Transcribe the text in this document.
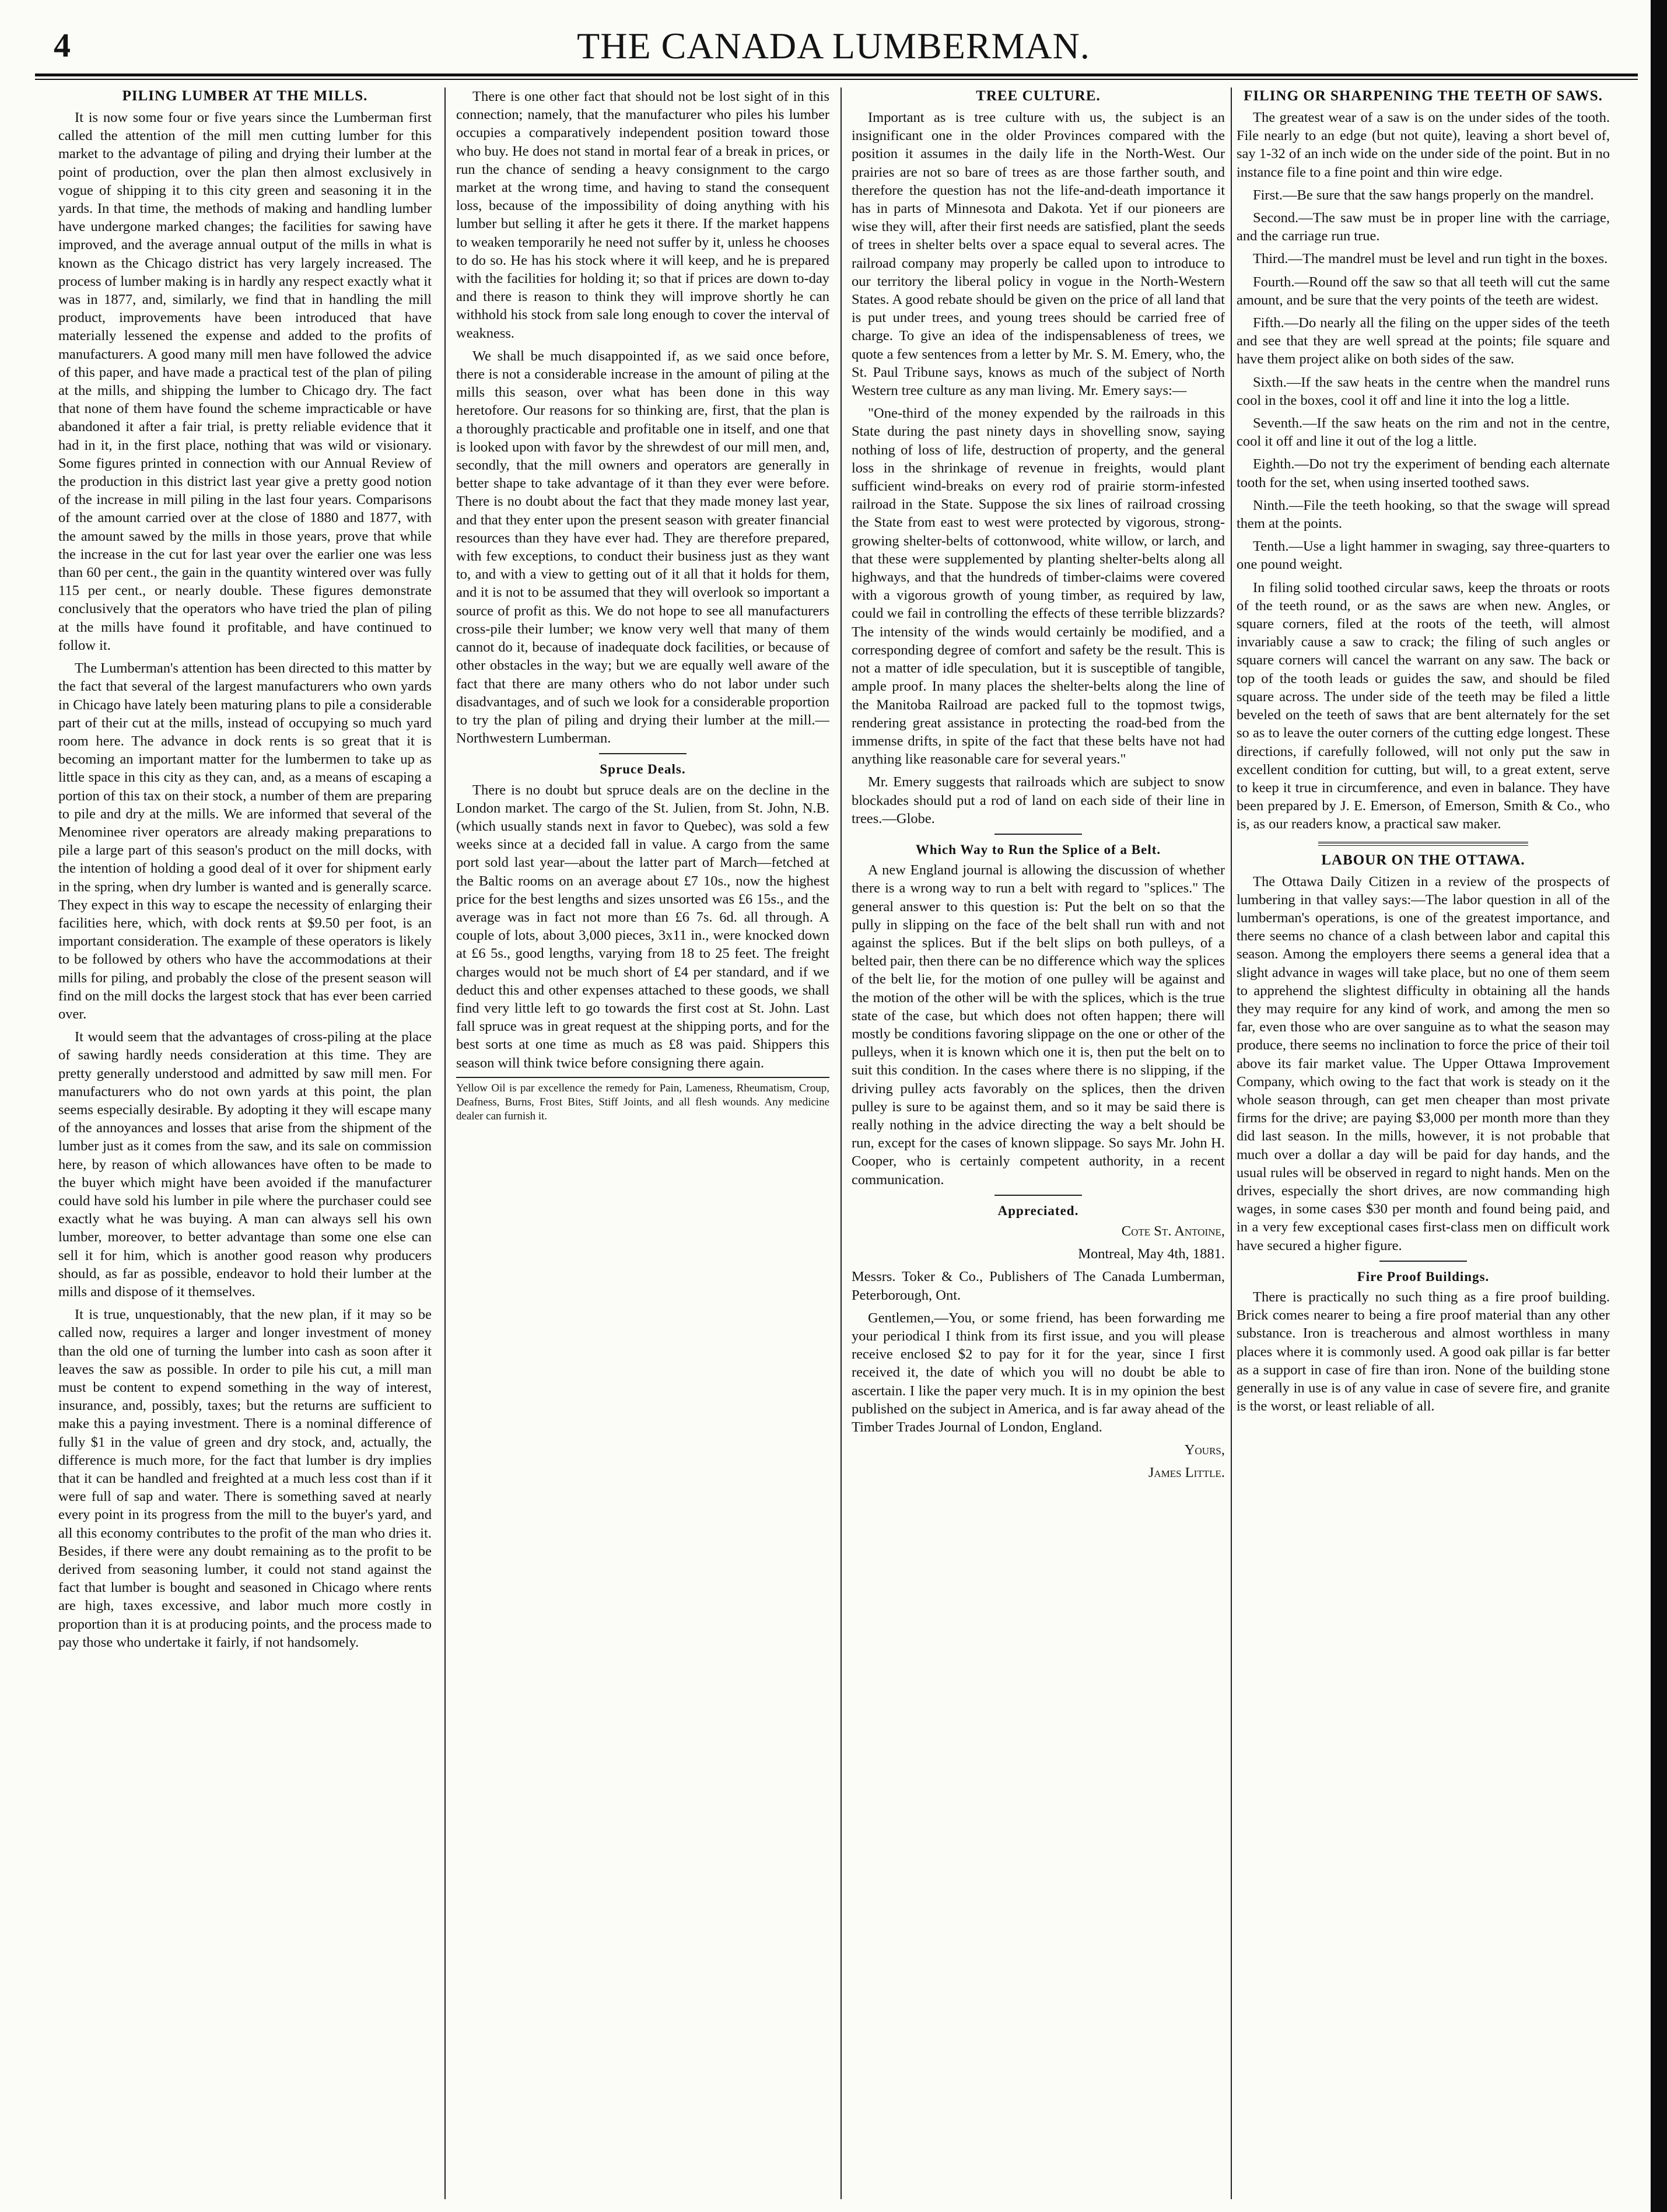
4	THE CANADA LUMBERMAN.
PILING LUMBER AT THE MILLS.

It is now some four or five years since the Lumberman first called the attention of the mill men cutting lumber for this market to the advantage of piling and drying their lumber at the point of production, over the plan then almost exclusively in vogue of shipping it to this city green and seasoning it in the yards. In that time, the methods of making and handling lumber have undergone marked changes; the facilities for sawing have improved, and the average annual output of the mills in what is known as the Chicago district has very largely increased. The process of lumber making is in hardly any respect exactly what it was in 1877, and, similarly, we find that in handling the mill product, improvements have been introduced that have materially lessened the expense and added to the profits of manufacturers. A good many mill men have followed the advice of this paper, and have made a practical test of the plan of piling at the mills, and shipping the lumber to Chicago dry. The fact that none of them have found the scheme impracticable or have abandoned it after a fair trial, is pretty reliable evidence that it had in it, in the first place, nothing that was wild or visionary. Some figures printed in connection with our Annual Review of the production in this district last year give a pretty good notion of the increase in mill piling in the last four years. Comparisons of the amount carried over at the close of 1880 and 1877, with the amount sawed by the mills in those years, prove that while the increase in the cut for last year over the earlier one was less than 60 per cent., the gain in the quantity wintered over was fully 115 per cent., or nearly double. These figures demonstrate conclusively that the operators who have tried the plan of piling at the mills have found it profitable, and have continued to follow it.

The Lumberman's attention has been directed to this matter by the fact that several of the largest manufacturers who own yards in Chicago have lately been maturing plans to pile a considerable part of their cut at the mills, instead of occupying so much yard room here. The advance in dock rents is so great that it is becoming an important matter for the lumbermen to take up as little space in this city as they can, and, as a means of escaping a portion of this tax on their stock, a number of them are preparing to pile and dry at the mills. We are informed that several of the Menominee river operators are already making preparations to pile a large part of this season's product on the mill docks, with the intention of holding a good deal of it over for shipment early in the spring, when dry lumber is wanted and is generally scarce. They expect in this way to escape the necessity of enlarging their facilities here, which, with dock rents at $9.50 per foot, is an important consideration. The example of these operators is likely to be followed by others who have the accommodations at their mills for piling, and probably the close of the present season will find on the mill docks the largest stock that has ever been carried over.

It would seem that the advantages of cross-piling at the place of sawing hardly needs consideration at this time. They are pretty generally understood and admitted by saw mill men. For manufacturers who do not own yards at this point, the plan seems especially desirable. By adopting it they will escape many of the annoyances and losses that arise from the shipment of the lumber just as it comes from the saw, and its sale on commission here, by reason of which allowances have often to be made to the buyer which might have been avoided if the manufacturer could have sold his lumber in pile where the purchaser could see exactly what he was buying. A man can always sell his own lumber, moreover, to better advantage than some one else can sell it for him, which is another good reason why producers should, as far as possible, endeavor to hold their lumber at the mills and dispose of it themselves.

It is true, unquestionably, that the new plan, if it may so be called now, requires a larger and longer investment of money than the old one of turning the lumber into cash as soon after it leaves the saw as possible. In order to pile his cut, a mill man must be content to expend something in the way of interest, insurance, and, possibly, taxes; but the returns are sufficient to make this a paying investment. There is a nominal difference of fully $1 in the value of green and dry stock, and, actually, the difference is much more, for the fact that lumber is dry implies that it can be handled and freighted at a much less cost than if it were full of sap and water. There is something saved at nearly every point in its progress from the mill to the buyer's yard, and all this economy contributes to the profit of the man who dries it. Besides, if there were any doubt remaining as to the profit to be derived from seasoning lumber, it could not stand against the fact that lumber is bought and seasoned in Chicago where rents are high, taxes excessive, and labor much more costly in proportion than it is at producing points, and the process made to pay those who undertake it fairly, if not handsomely.

There is one other fact that should not be lost sight of in this connection; namely, that the manufacturer who piles his lumber occupies a comparatively independent position toward those who buy. He does not stand in mortal fear of a break in prices, or run the chance of sending a heavy consignment to the cargo market at the wrong time, and having to stand the consequent loss, because of the impossibility of doing anything with his lumber but selling it after he gets it there. If the market happens to weaken temporarily he need not suffer by it, unless he chooses to do so. He has his stock where it will keep, and he is prepared with the facilities for holding it; so that if prices are down to-day and there is reason to think they will improve shortly he can withhold his stock from sale long enough to cover the interval of weakness.

We shall be much disappointed if, as we said once before, there is not a considerable increase in the amount of piling at the mills this season, over what has been done in this way heretofore. Our reasons for so thinking are, first, that the plan is a thoroughly practicable and profitable one in itself, and one that is looked upon with favor by the shrewdest of our mill men, and, secondly, that the mill owners and operators are generally in better shape to take advantage of it than they ever were before. There is no doubt about the fact that they made money last year, and that they enter upon the present season with greater financial resources than they have ever had. They are therefore prepared, with few exceptions, to conduct their business just as they want to, and with a view to getting out of it all that it holds for them, and it is not to be assumed that they will overlook so important a source of profit as this. We do not hope to see all manufacturers cross-pile their lumber; we know very well that many of them cannot do it, because of inadequate dock facilities, or because of other obstacles in the way; but we are equally well aware of the fact that there are many others who do not labor under such disadvantages, and of such we look for a considerable proportion to try the plan of piling and drying their lumber at the mill.—Northwestern Lumberman.

Spruce Deals.

There is no doubt but spruce deals are on the decline in the London market. The cargo of the St. Julien, from St. John, N.B. (which usually stands next in favor to Quebec), was sold a few weeks since at a decided fall in value. A cargo from the same port sold last year—about the latter part of March—fetched at the Baltic rooms on an average about £7 10s., now the highest price for the best lengths and sizes unsorted was £6 15s., and the average was in fact not more than £6 7s. 6d. all through. A couple of lots, about 3,000 pieces, 3x11 in., were knocked down at £6 5s., good lengths, varying from 18 to 25 feet. The freight charges would not be much short of £4 per standard, and if we deduct this and other expenses attached to these goods, we shall find very little left to go towards the first cost at St. John. Last fall spruce was in great request at the shipping ports, and for the best sorts at one time as much as £8 was paid. Shippers this season will think twice before consigning there again.

Yellow Oil is par excellence the remedy for Pain, Lameness, Rheumatism, Croup, Deafness, Burns, Frost Bites, Stiff Joints, and all flesh wounds. Any medicine dealer can furnish it.
TREE CULTURE.

Important as is tree culture with us, the subject is an insignificant one in the older Provinces compared with the position it assumes in the daily life in the North-West. Our prairies are not so bare of trees as are those farther south, and therefore the question has not the life-and-death importance it has in parts of Minnesota and Dakota. Yet if our pioneers are wise they will, after their first needs are satisfied, plant the seeds of trees in shelter belts over a space equal to several acres. The railroad company may properly be called upon to introduce to our territory the liberal policy in vogue in the North-Western States. A good rebate should be given on the price of all land that is put under trees, and young trees should be carried free of charge. To give an idea of the indispensableness of trees, we quote a few sentences from a letter by Mr. S. M. Emery, who, the St. Paul Tribune says, knows as much of the subject of North Western tree culture as any man living. Mr. Emery says:—

"One-third of the money expended by the railroads in this State during the past ninety days in shovelling snow, saying nothing of loss of life, destruction of property, and the general loss in the shrinkage of revenue in freights, would plant sufficient wind-breaks on every rod of prairie storm-infested railroad in the State. Suppose the six lines of railroad crossing the State from east to west were protected by vigorous, strong-growing shelter-belts of cottonwood, white willow, or larch, and that these were supplemented by planting shelter-belts along all highways, and that the hundreds of timber-claims were covered with a vigorous growth of young timber, as required by law, could we fail in controlling the effects of these terrible blizzards? The intensity of the winds would certainly be modified, and a corresponding degree of comfort and safety be the result. This is not a matter of idle speculation, but it is susceptible of tangible, ample proof. In many places the shelter-belts along the line of the Manitoba Railroad are packed full to the topmost twigs, rendering great assistance in protecting the road-bed from the immense drifts, in spite of the fact that these belts have not had anything like reasonable care for several years."

Mr. Emery suggests that railroads which are subject to snow blockades should put a rod of land on each side of their line in trees.—Globe.

Which Way to Run the Splice of a Belt.

A new England journal is allowing the discussion of whether there is a wrong way to run a belt with regard to "splices." The general answer to this question is: Put the belt on so that the pully in slipping on the face of the belt shall run with and not against the splices. But if the belt slips on both pulleys, of a belted pair, then there can be no difference which way the splices of the belt lie, for the motion of one pulley will be against and the motion of the other will be with the splices, which is the true state of the case, but which does not often happen; there will mostly be conditions favoring slippage on the one or other of the pulleys, when it is known which one it is, then put the belt on to suit this condition. In the cases where there is no slipping, if the driving pulley acts favorably on the splices, then the driven pulley is sure to be against them, and so it may be said there is really nothing in the advice directing the way a belt should be run, except for the cases of known slippage. So says Mr. John H. Cooper, who is certainly competent authority, in a recent communication.

Appreciated.

Cote St. Antoine,

Montreal, May 4th, 1881.

Messrs. Toker & Co., Publishers of The Canada Lumberman, Peterborough, Ont.

Gentlemen,—You, or some friend, has been forwarding me your periodical I think from its first issue, and you will please receive enclosed $2 to pay for it for the year, since I first received it, the date of which you will no doubt be able to ascertain. I like the paper very much. It is in my opinion the best published on the subject in America, and is far away ahead of the Timber Trades Journal of London, England.

Yours,

James Little.

FILING OR SHARPENING THE TEETH OF SAWS.

The greatest wear of a saw is on the under sides of the tooth. File nearly to an edge (but not quite), leaving a short bevel of, say 1-32 of an inch wide on the under side of the point. But in no instance file to a fine point and thin wire edge.

First.—Be sure that the saw hangs properly on the mandrel.

Second.—The saw must be in proper line with the carriage, and the carriage run true.

Third.—The mandrel must be level and run tight in the boxes.

Fourth.—Round off the saw so that all teeth will cut the same amount, and be sure that the very points of the teeth are widest.

Fifth.—Do nearly all the filing on the upper sides of the teeth and see that they are well spread at the points; file square and have them project alike on both sides of the saw.

Sixth.—If the saw heats in the centre when the mandrel runs cool in the boxes, cool it off and line it into the log a little.

Seventh.—If the saw heats on the rim and not in the centre, cool it off and line it out of the log a little.

Eighth.—Do not try the experiment of bending each alternate tooth for the set, when using inserted toothed saws.

Ninth.—File the teeth hooking, so that the swage will spread them at the points.

Tenth.—Use a light hammer in swaging, say three-quarters to one pound weight.

In filing solid toothed circular saws, keep the throats or roots of the teeth round, or as the saws are when new. Angles, or square corners, filed at the roots of the teeth, will almost invariably cause a saw to crack; the filing of such angles or square corners will cancel the warrant on any saw. The back or top of the tooth leads or guides the saw, and should be filed square across. The under side of the teeth may be filed a little beveled on the teeth of saws that are bent alternately for the set so as to leave the outer corners of the cutting edge longest. These directions, if carefully followed, will not only put the saw in excellent condition for cutting, but will, to a great extent, serve to keep it true in circumference, and even in balance. They have been prepared by J. E. Emerson, of Emerson, Smith & Co., who is, as our readers know, a practical saw maker.

LABOUR ON THE OTTAWA.

The Ottawa Daily Citizen in a review of the prospects of lumbering in that valley says:—The labor question in all of the lumberman's operations, is one of the greatest importance, and there seems no chance of a clash between labor and capital this season. Among the employers there seems a general idea that a slight advance in wages will take place, but no one of them seem to apprehend the slightest difficulty in obtaining all the hands they may require for any kind of work, and among the men so far, even those who are over sanguine as to what the season may produce, there seems no inclination to force the price of their toil above its fair market value. The Upper Ottawa Improvement Company, which owing to the fact that work is steady on it the whole season through, can get men cheaper than most private firms for the drive; are paying $3,000 per month more than they did last season. In the mills, however, it is not probable that much over a dollar a day will be paid for day hands, and the usual rules will be observed in regard to night hands. Men on the drives, especially the short drives, are now commanding high wages, in some cases $30 per month and found being paid, and in a very few exceptional cases first-class men on difficult work have secured a higher figure.

Fire Proof Buildings.

There is practically no such thing as a fire proof building. Brick comes nearer to being a fire proof material than any other substance. Iron is treacherous and almost worthless in many places where it is commonly used. A good oak pillar is far better as a support in case of fire than iron. None of the building stone generally in use is of any value in case of severe fire, and granite is the worst, or least reliable of all.
